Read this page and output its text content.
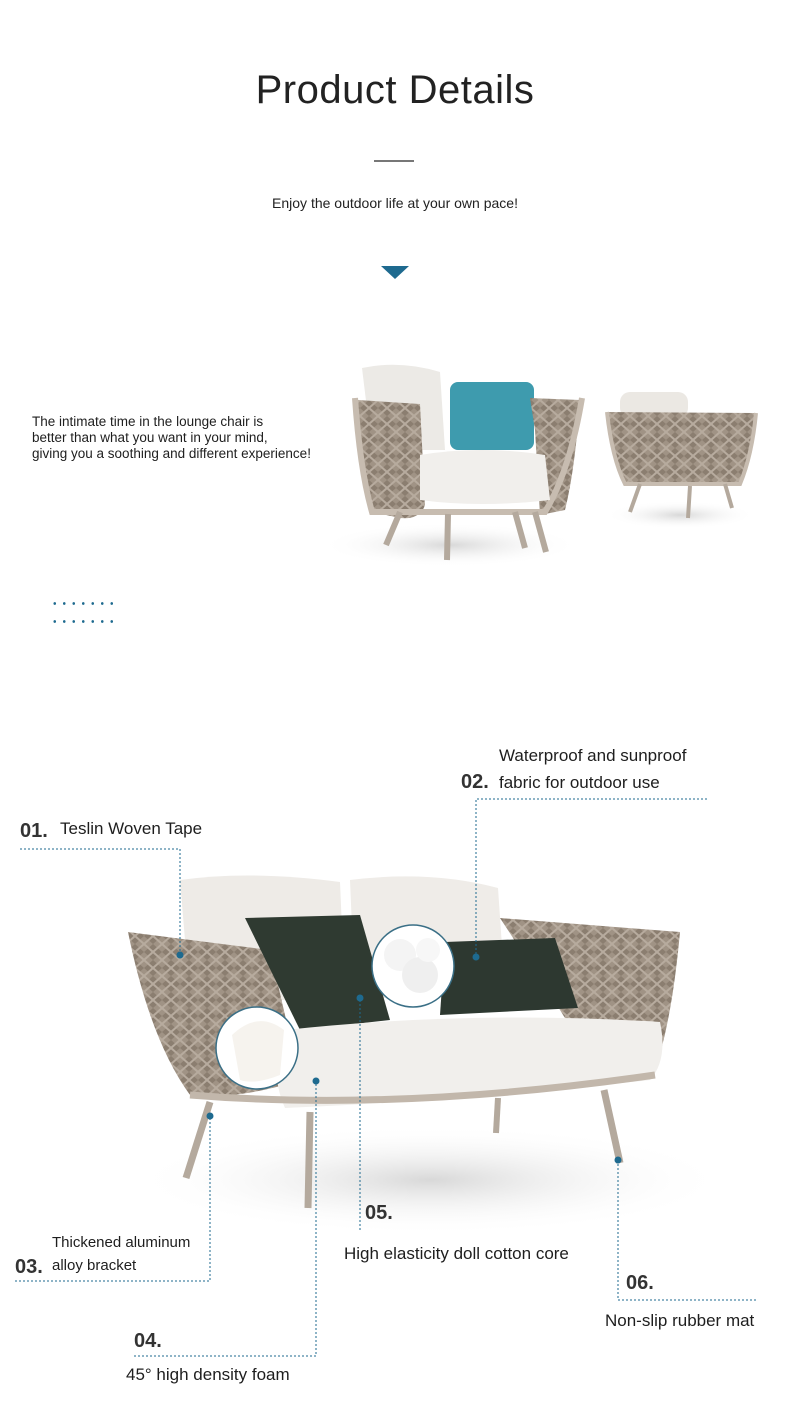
Product Details
Enjoy the outdoor life at your own pace!
The intimate time in the lounge chair is
better than what you want in your mind,
giving you a soothing and different experience!
01. Teslin Woven Tape
Waterproof and sunproof
02. fabric for outdoor use
Thickened aluminum
03. alloy bracket
04.
45° high density foam
05.
High elasticity doll cotton core
06.
Non-slip rubber mat
